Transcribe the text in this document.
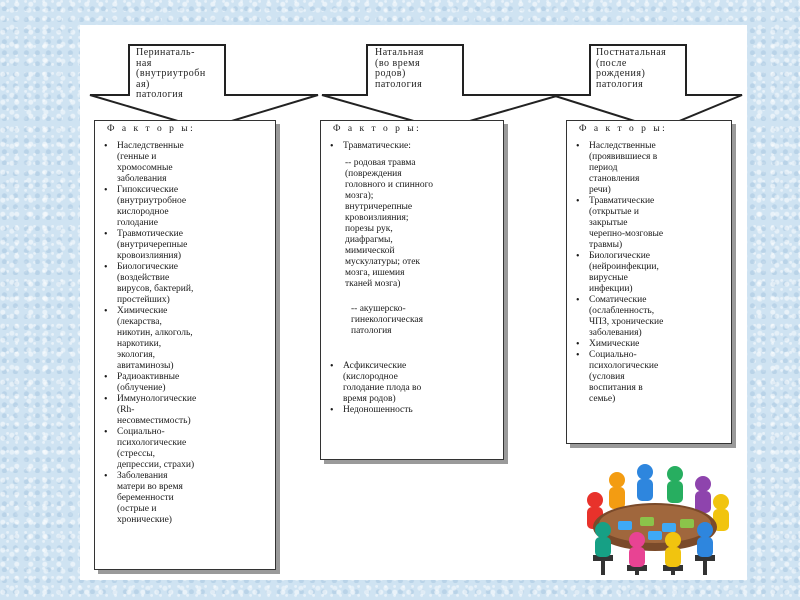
Перинаталь-
ная
(внутриутробн
ая)
патология
Натальная
(во время
родов)
патология
Постнатальная
(после
рождения)
патология
Ф а к т о р ы:
• Наследственные
(генные и
хромосомные
заболевания
• Гипоксические
(внутриутробное
кислородное
голодание
• Травмотические
(внутричерепные
кровоизлияния)
• Биологические
(воздействие
вирусов, бактерий,
простейших)
• Химические
(лекарства,
никотин, алкоголь,
наркотики,
экология,
авитаминозы)
• Радиоактивные
(облучение)
• Иммунологические
(Rh-
несовместимость)
• Социально-
психологические
(стрессы,
депрессии, страхи)
• Заболевания
матери во время
беременности
(острые и
хронические)
Ф а к т о р ы:
• Травматические:
-- родовая травма
(повреждения
головного и спинного
мозга);
внутричерепные
кровоизлияния;
порезы рук,
диафрагмы,
мимической
мускулатуры; отек
мозга, ишемия
тканей мозга)
-- акушерско-
гинекологическая
патология
• Асфиксические
(кислородное
голодание плода во
время родов)
• Недоношенность
Ф а к т о р ы:
• Наследственные
(проявившиеся в
период
становления
речи)
• Травматические
(открытые и
закрытые
черепно-мозговые
травмы)
• Биологические
(нейроинфекции,
вирусные
инфекции)
• Соматические
(ослабленность,
ЧПЗ, хронические
заболевания)
• Химические
• Социально-
психологические
(условия
воспитания в
семье)
